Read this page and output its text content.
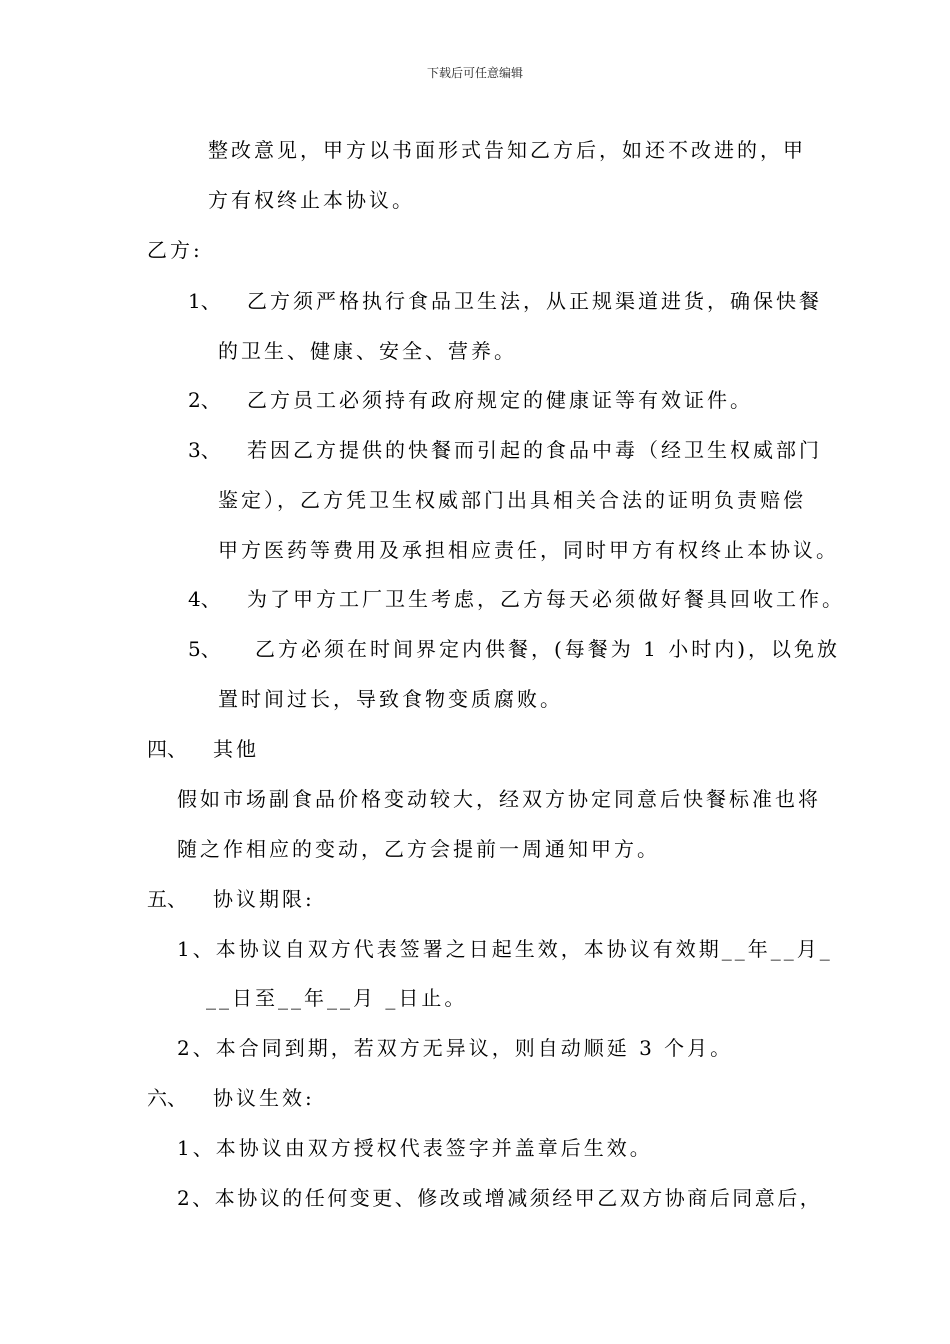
下载后可任意编辑
整改意见，甲方以书面形式告知乙方后，如还不改进的，甲
方有权终止本协议。
乙方:
1、 乙方须严格执行食品卫生法，从正规渠道进货，确保快餐
的卫生、健康、安全、营养。
2、 乙方员工必须持有政府规定的健康证等有效证件。
3、 若因乙方提供的快餐而引起的食品中毒（经卫生权威部门
鉴定），乙方凭卫生权威部门出具相关合法的证明负责赔偿
甲方医药等费用及承担相应责任，同时甲方有权终止本协议。
4、 为了甲方工厂卫生考虑，乙方每天必须做好餐具回收工作。
5、 乙方必须在时间界定内供餐，(每餐为 1 小时内)，以免放
置时间过长，导致食物变质腐败。
四、 其他
假如市场副食品价格变动较大，经双方协定同意后快餐标准也将
随之作相应的变动，乙方会提前一周通知甲方。
五、 协议期限:
1、本协议自双方代表签署之日起生效，本协议有效期__年__月_
__日至__年__月 _日止。
2、本合同到期，若双方无异议，则自动顺延 3 个月。
六、 协议生效:
1、本协议由双方授权代表签字并盖章后生效。
2、本协议的任何变更、修改或增减须经甲乙双方协商后同意后，
